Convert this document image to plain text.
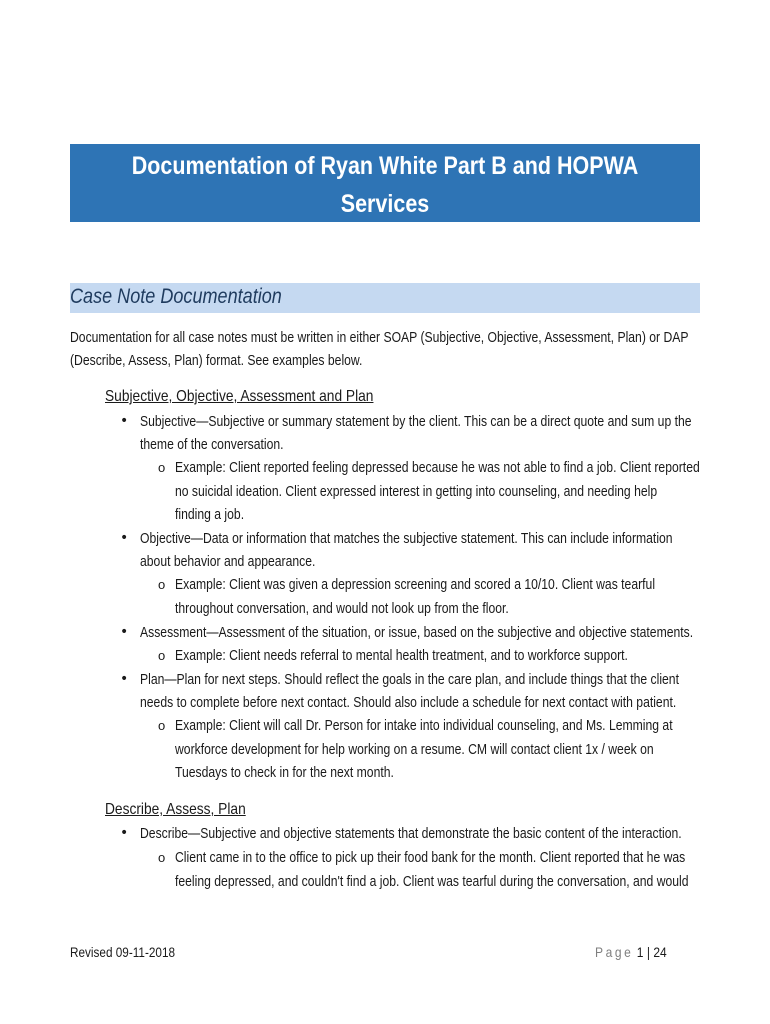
Documentation of Ryan White Part B and HOPWA
Services
Case Note Documentation
Documentation for all case notes must be written in either SOAP (Subjective, Objective, Assessment, Plan) or DAP
(Describe, Assess, Plan) format. See examples below.
Subjective, Objective, Assessment and Plan
• Subjective—Subjective or summary statement by the client. This can be a direct quote and sum up the
theme of the conversation.
o Example: Client reported feeling depressed because he was not able to find a job. Client reported
no suicidal ideation. Client expressed interest in getting into counseling, and needing help
finding a job.
• Objective—Data or information that matches the subjective statement. This can include information
about behavior and appearance.
o Example: Client was given a depression screening and scored a 10/10. Client was tearful
throughout conversation, and would not look up from the floor.
• Assessment—Assessment of the situation, or issue, based on the subjective and objective statements.
o Example: Client needs referral to mental health treatment, and to workforce support.
• Plan—Plan for next steps. Should reflect the goals in the care plan, and include things that the client
needs to complete before next contact. Should also include a schedule for next contact with patient.
o Example: Client will call Dr. Person for intake into individual counseling, and Ms. Lemming at
workforce development for help working on a resume. CM will contact client 1x / week on
Tuesdays to check in for the next month.
Describe, Assess, Plan
• Describe—Subjective and objective statements that demonstrate the basic content of the interaction.
o Client came in to the office to pick up their food bank for the month. Client reported that he was
feeling depressed, and couldn't find a job. Client was tearful during the conversation, and would
Revised 09-11-2018	Page 1 | 24
